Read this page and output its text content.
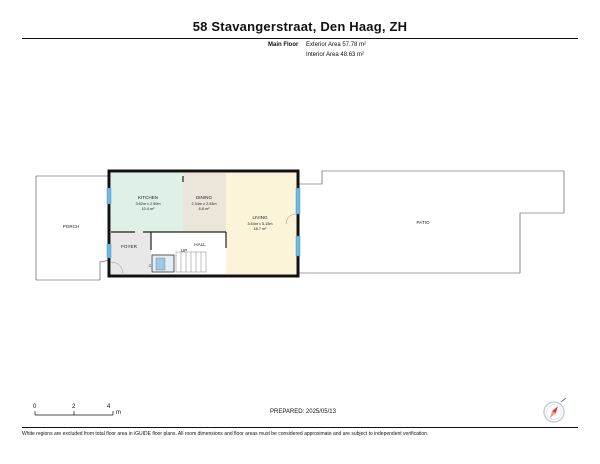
58 Stavangerstraat, Den Haag, ZH
Main Floor Exterior Area 57.78 m²
Interior Area 48.63 m²
PORCH
KITCHEN
3.62m x 2.90m
10.4 m²
DINING
2.34m x 2.93m
6.8 m²
LIVING
3.64m x 5.15m
18.7 m²
FOYER	HALL
UP
C
PATIO
0	2	4
m	PREPARED: 2025/05/13
White regions are excluded from total floor area in iGUIDE floor plans. All room dimensions and floor areas must be considered approximate and are subject to independent verification.
